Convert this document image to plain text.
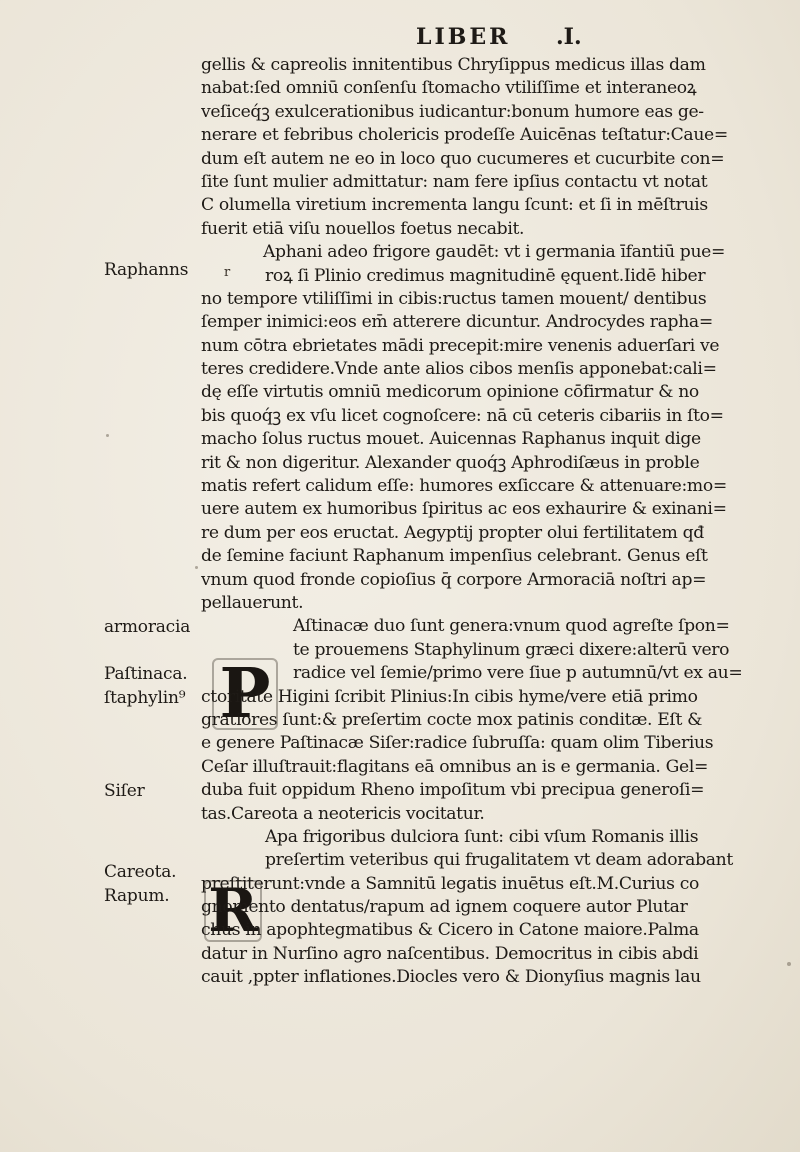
LIBER .I.
Raphanns
armoracia
Paſtinaca.
ſtaphylin⁹
Siſer
Careota.
Rapum.
r
P
R
gellis & capreolis innitentibus Chryſippus medicus illas dam
nabat:ſed omniū conſenſu ſtomacho vtiliſſime et interaneoꝝ
veſiceq́ꝫ exulcerationibus iudicantur:bonum humore eas ge-
nerare et febribus cholericis prodeſſe Auicēnas teſtatur:Caue=
dum eſt autem ne eo in loco quo cucumeres et cucurbite con=
ſite ſunt mulier admittatur: nam fere ipſius contactu vt notat
C olumella viretium incrementa langu ſcunt: et ſi in mēſtruis
fuerit etiā viſu nouellos foetus necabit.
Aphani adeo frigore gaudēt: vt i germania īfantiū pue=
roꝝ ſi Plinio credimus magnitudinē ęquent.Iidē hiber
no tempore vtiliſſimi in cibis:ructus tamen mouent/ dentibus
ſemper inimici:eos em̄ atterere dicuntur. Androcydes rapha=
num cōtra ebrietates mādi precepit:mire venenis aduerſari ve
teres credidere.Vnde ante alios cibos menſis apponebat:cali=
dę eſſe virtutis omniū medicorum opinione cōfirmatur & no
bis quoq́ꝫ ex vſu licet cognoſcere: nā cū ceteris cibariis in ſto=
macho ſolus ructus mouet. Auicennas Raphanus inquit dige
rit & non digeritur. Alexander quoq́ꝫ Aphrodiſæus in proble
matis refert calidum eſſe: humores exſiccare & attenuare:mo=
uere autem ex humoribus ſpiritus ac eos exhaurire & exinani=
re dum per eos eructat. Aegyptij propter olui fertilitatem qđ
de ſemine faciunt Raphanum impenſius celebrant. Genus eſt
vnum quod fronde copioſius q̄ corpore Armoraciā noſtri ap=
pellauerunt.
Aſtinacæ duo ſunt genera:vnum quod agreſte ſpon=
te prouemens Staphylinum græci dixere:alterū vero
radice vel ſemie/primo vere ſiue p autumnū/vt ex au=
ctoritate Higini ſcribit Plinius:In cibis hyme/vere etiā primo
gratiores ſunt:& preſertim cocte mox patinis conditæ. Eſt &
e genere Paſtinacæ Siſer:radice ſubruſſa: quam olim Tiberius
Ceſar illuſtrauit:flagitans eā omnibus an is e germania. Gel=
duba fuit oppidum Rheno impoſitum vbi precipua generoſi=
tas.Careota a neotericis vocitatur.
Apa frigoribus dulciora ſunt: cibi vſum Romanis illis
preſertim veteribus qui frugalitatem vt deam adorabant
preſtiterunt:vnde a Samnitū legatis inuētus eſt.M.Curius co
gnomento dentatus/rapum ad ignem coquere autor Plutar
chus in apophtegmatibus & Cicero in Catone maiore.Palma
datur in Nurſino agro naſcentibus. Democritus in cibis abdi
cauit ,ppter inflationes.Diocles vero & Dionyſius magnis lau
